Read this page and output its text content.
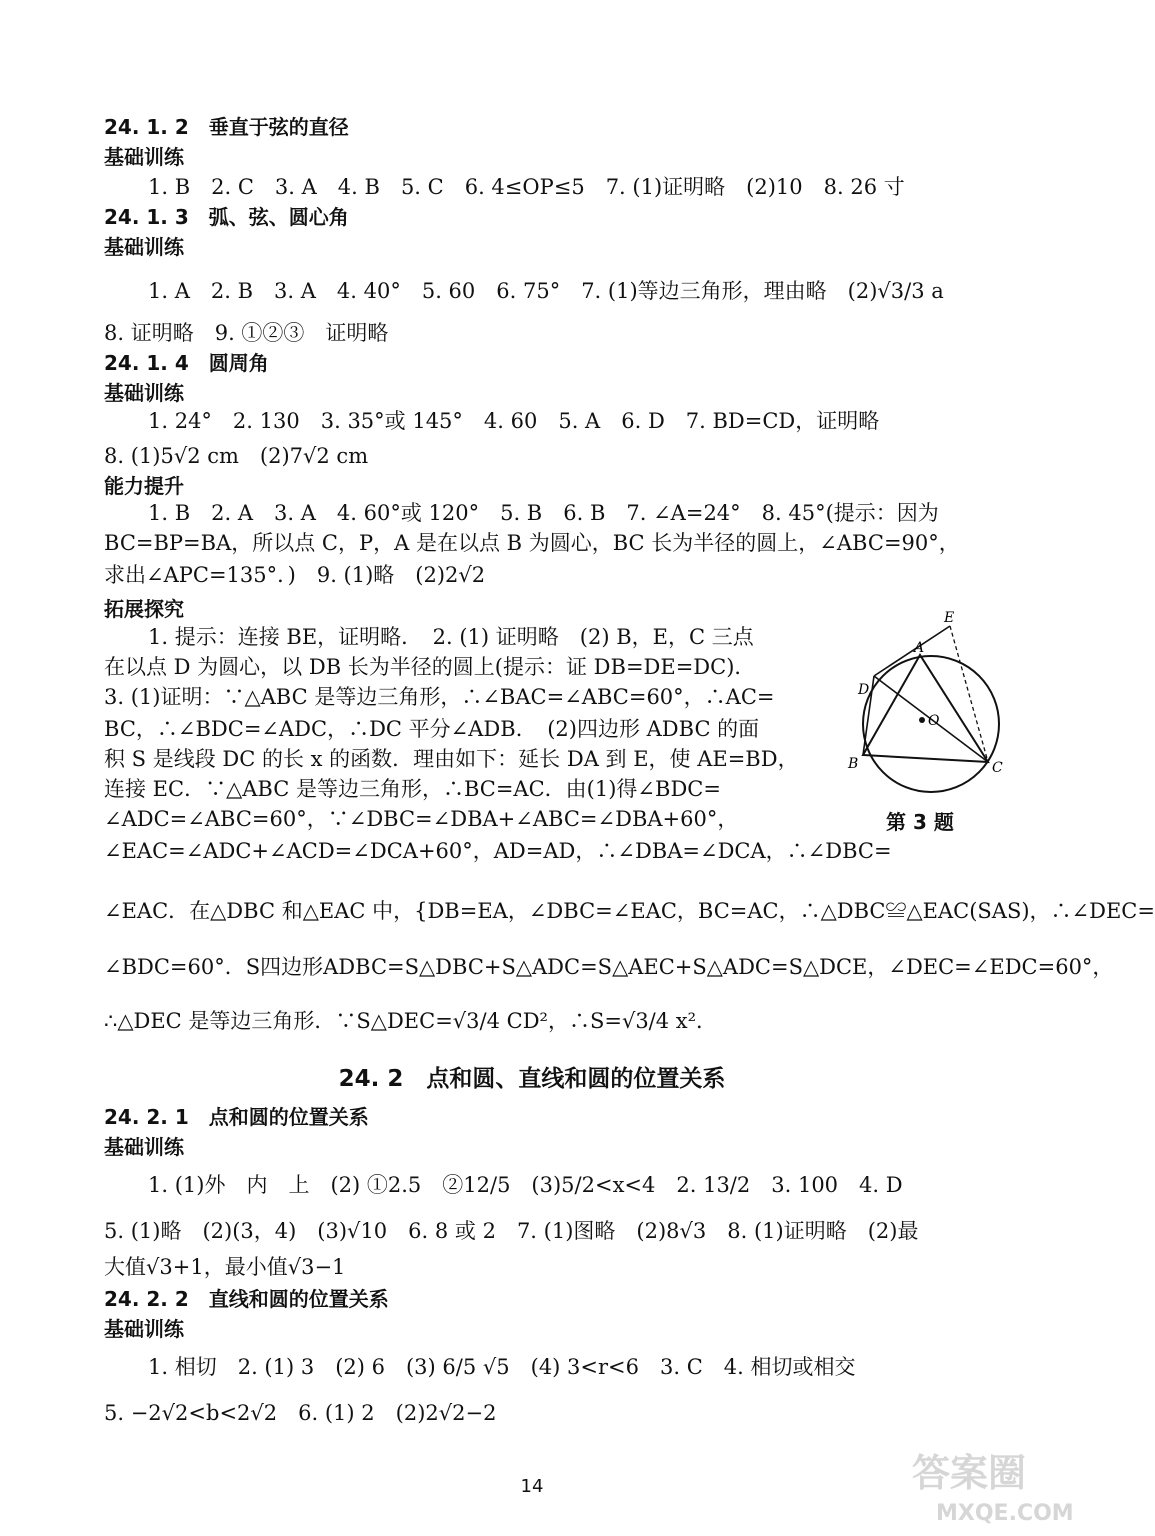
24. 1. 2　垂直于弦的直径
基础训练
1. B　2. C　3. A　4. B　5. C　6. 4≤OP≤5　7. (1)证明略　(2)10　8. 26 寸
24. 1. 3　弧、弦、圆心角
基础训练
1. A　2. B　3. A　4. 40°　5. 60　6. 75°　7. (1)等边三角形，理由略　(2)√3/3 a
8. 证明略　9. ①②③　证明略
24. 1. 4　圆周角
基础训练
1. 24°　2. 130　3. 35°或 145°　4. 60　5. A　6. D　7. BD=CD，证明略
8. (1)5√2 cm　(2)7√2 cm
能力提升
1. B　2. A　3. A　4. 60°或 120°　5. B　6. B　7. ∠A=24°　8. 45°(提示：因为
BC=BP=BA，所以点 C，P，A 是在以点 B 为圆心，BC 长为半径的圆上，∠ABC=90°，
求出∠APC=135°．)　9. (1)略　(2)2√2
拓展探究
1. 提示：连接 BE，证明略．　2. (1) 证明略　(2) B，E，C 三点
在以点 D 为圆心，以 DB 长为半径的圆上(提示：证 DB=DE=DC)．
3. (1)证明：∵△ABC 是等边三角形，∴∠BAC=∠ABC=60°，∴AC=
BC，∴∠BDC=∠ADC，∴DC 平分∠ADB．　(2)四边形 ADBC 的面
积 S 是线段 DC 的长 x 的函数．理由如下：延长 DA 到 E，使 AE=BD，
连接 EC．∵△ABC 是等边三角形，∴BC=AC．由(1)得∠BDC=
∠ADC=∠ABC=60°，∵∠DBC=∠DBA+∠ABC=∠DBA+60°，
∠EAC=∠ADC+∠ACD=∠DCA+60°，AD=AD，∴∠DBA=∠DCA，∴∠DBC=
∠EAC．在△DBC 和△EAC 中，{DB=EA，∠DBC=∠EAC，BC=AC，∴△DBC≌△EAC(SAS)，∴∠DEC=
∠BDC=60°．S四边形ADBC=S△DBC+S△ADC=S△AEC+S△ADC=S△DCE，∠DEC=∠EDC=60°，
∴△DEC 是等边三角形．∵S△DEC=√3/4 CD²，∴S=√3/4 x²．
24. 2　点和圆、直线和圆的位置关系
24. 2. 1　点和圆的位置关系
基础训练
1. (1)外　内　上　(2) ①2.5　②12/5　(3)5/2<x<4　2. 13/2　3. 100　4. D
5. (1)略　(2)(3，4)　(3)√10　6. 8 或 2　7. (1)图略　(2)8√3　8. (1)证明略　(2)最
大值√3+1，最小值√3−1
24. 2. 2　直线和圆的位置关系
基础训练
1. 相切　2. (1) 3　(2) 6　(3) 6/5 √5　(4) 3<r<6　3. C　4. 相切或相交
5. −2√2<b<2√2　6. (1) 2　(2)2√2−2
A
B	C
D
E
O
第 3 题
14	答案圈
MXQE.COM
